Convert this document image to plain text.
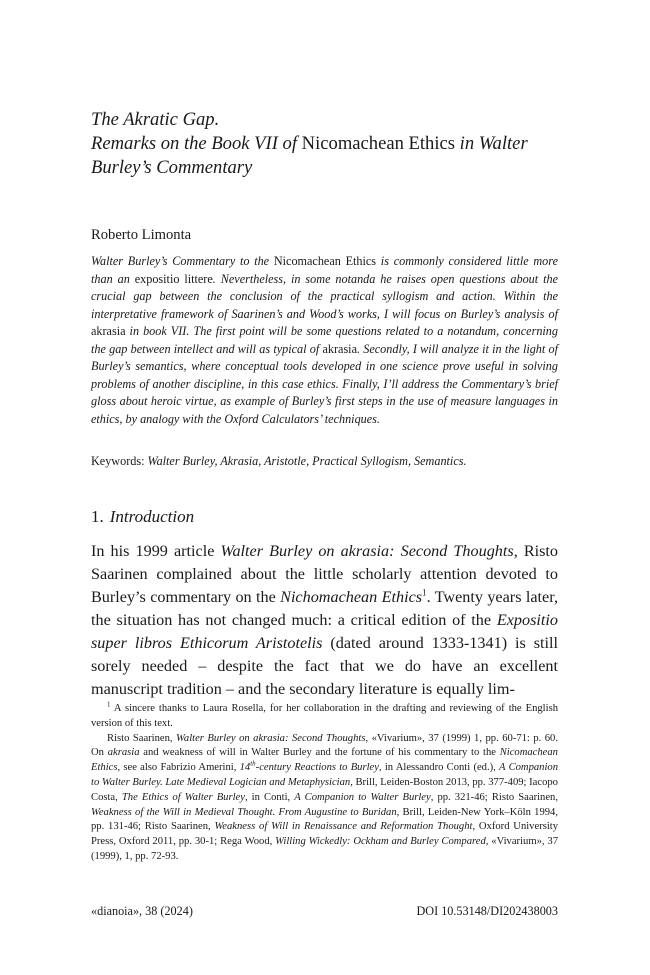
The Akratic Gap.
Remarks on the Book VII of Nicomachean Ethics in Walter
Burley’s Commentary

Roberto Limonta

Walter Burley’s Commentary to the Nicomachean Ethics is commonly considered little more than an expositio littere. Nevertheless, in some notanda he raises open questions about the crucial gap between the conclusion of the practical syllogism and action. Within the interpretative framework of Saarinen’s and Wood’s works, I will focus on Burley’s analysis of akrasia in book VII. The first point will be some questions related to a notandum, concerning the gap between intellect and will as typical of akrasia. Secondly, I will analyze it in the light of Burley’s semantics, where conceptual tools developed in one science prove useful in solving problems of another discipline, in this case ethics. Finally, I’ll address the Commentary’s brief gloss about heroic virtue, as example of Burley’s first steps in the use of measure languages in ethics, by analogy with the Oxford Calculators’ techniques.

Keywords: Walter Burley, Akrasia, Aristotle, Practical Syllogism, Semantics.

1. Introduction

In his 1999 article Walter Burley on akrasia: Second Thoughts, Risto Saarinen complained about the little scholarly attention devoted to Burley’s commentary on the Nichomachean Ethics$^1$. Twenty years later, the situation has not changed much: a critical edition of the Expositio super libros Ethicorum Aristotelis (dated around 1333-1341) is still sorely needed – despite the fact that we do have an excellent manuscript tradition – and the secondary literature is equally lim-

$^1$ A sincere thanks to Laura Rosella, for her collaboration in the drafting and reviewing of the English version of this text.

Risto Saarinen, Walter Burley on akrasia: Second Thoughts, «Vivarium», 37 (1999) 1, pp. 60-71: p. 60. On akrasia and weakness of will in Walter Burley and the fortune of his commentary to the Nicomachean Ethics, see also Fabrizio Amerini, 14th-century Reactions to Burley, in Alessandro Conti (ed.), A Companion to Walter Burley. Late Medieval Logician and Metaphysician, Brill, Leiden-Boston 2013, pp. 377-409; Iacopo Costa, The Ethics of Walter Burley, in Conti, A Companion to Walter Burley, pp. 321-46; Risto Saarinen, Weakness of the Will in Medieval Thought. From Augustine to Buridan, Brill, Leiden-New York–Köln 1994, pp. 131-46; Risto Saarinen, Weakness of Will in Renaissance and Reformation Thought, Oxford University Press, Oxford 2011, pp. 30-1; Rega Wood, Willing Wickedly: Ockham and Burley Compared, «Vivarium», 37 (1999), 1, pp. 72-93.

«dianoia», 38 (2024)	DOI 10.53148/DI202438003
